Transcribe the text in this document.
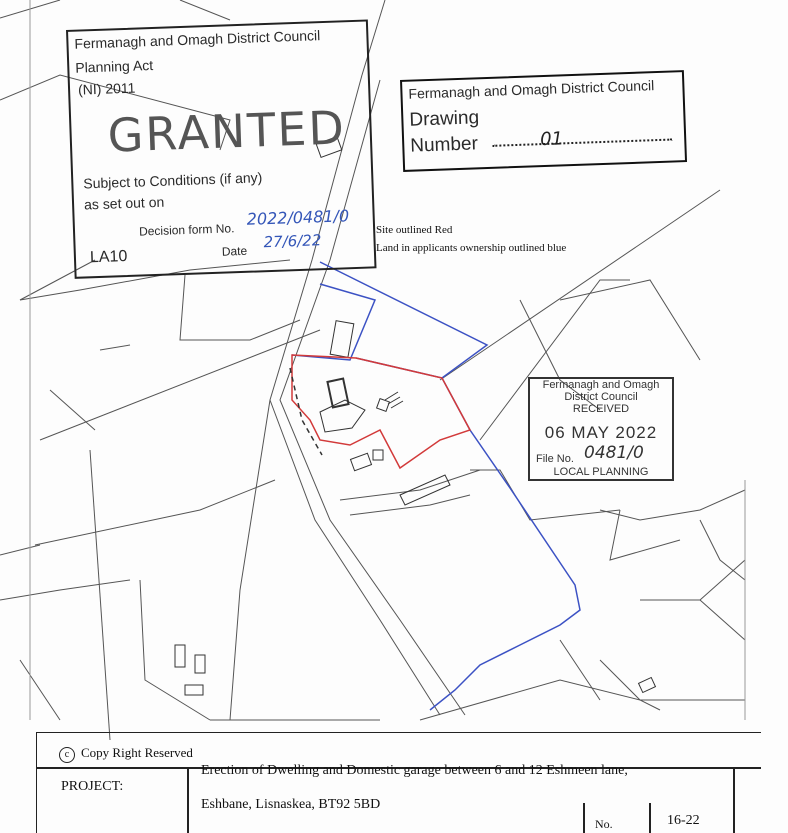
Fermanagh and Omagh District Council
Planning Act
(NI) 2011
GRANTED
Subject to Conditions (if any)
as set out on
Decision form No.
2022/0481/0
LA10	Date
27/6/22
Fermanagh and Omagh District Council
Drawing
Number	01
Site outlined Red
Land in applicants ownership outlined blue
Fermanagh and Omagh
District Council
RECEIVED
06 MAY 2022
File No. 0481/0
LOCAL PLANNING
c Copy Right Reserved
PROJECT:
Erection of Dwelling and Domestic garage between 6 and 12 Eshmeen lane,
Eshbane, Lisnaskea, BT92 5BD
No.	16-22
